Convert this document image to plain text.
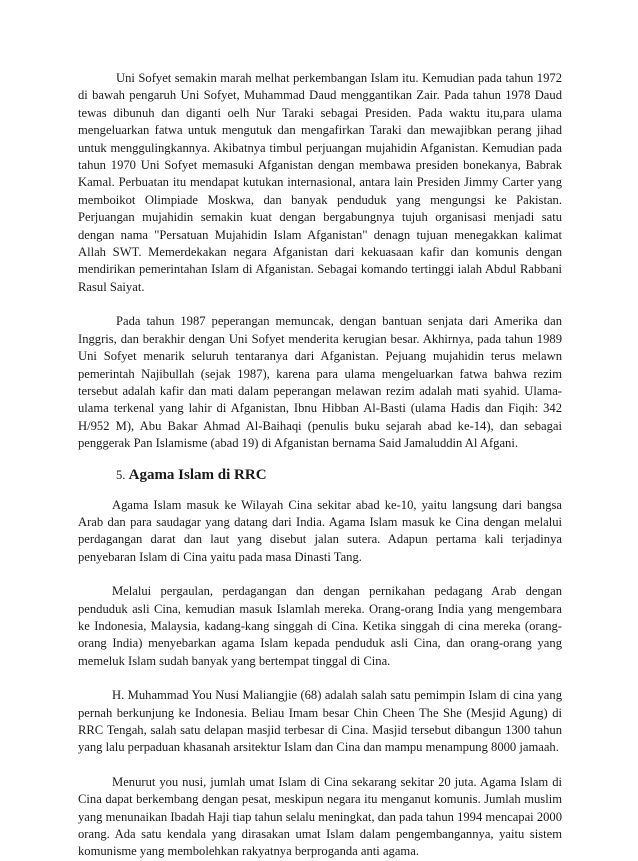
Uni Sofyet semakin marah melhat perkembangan Islam itu. Kemudian pada tahun 1972 di bawah pengaruh Uni Sofyet, Muhammad Daud menggantikan Zair. Pada tahun 1978 Daud tewas dibunuh dan diganti oelh Nur Taraki sebagai Presiden. Pada waktu itu,para ulama mengeluarkan fatwa untuk mengutuk dan mengafirkan Taraki dan mewajibkan perang jihad untuk menggulingkannya. Akibatnya timbul perjuangan mujahidin Afganistan. Kemudian pada tahun 1970 Uni Sofyet memasuki Afganistan dengan membawa presiden bonekanya, Babrak Kamal. Perbuatan itu mendapat kutukan internasional, antara lain Presiden Jimmy Carter yang memboikot Olimpiade Moskwa, dan banyak penduduk yang mengungsi ke Pakistan. Perjuangan mujahidin semakin kuat dengan bergabungnya tujuh organisasi menjadi satu dengan nama "Persatuan Mujahidin Islam Afganistan" denagn tujuan menegakkan kalimat Allah SWT. Memerdekakan negara Afganistan dari kekuasaan kafir dan komunis dengan mendirikan pemerintahan Islam di Afganistan. Sebagai komando tertinggi ialah Abdul Rabbani Rasul Saiyat.

Pada tahun 1987 peperangan memuncak, dengan bantuan senjata dari Amerika dan Inggris, dan berakhir dengan Uni Sofyet menderita kerugian besar. Akhirnya, pada tahun 1989 Uni Sofyet menarik seluruh tentaranya dari Afganistan. Pejuang mujahidin terus melawn pemerintah Najibullah (sejak 1987), karena para ulama mengeluarkan fatwa bahwa rezim tersebut adalah kafir dan mati dalam peperangan melawan rezim adalah mati syahid. Ulama-ulama terkenal yang lahir di Afganistan, Ibnu Hibban Al-Basti (ulama Hadis dan Fiqih: 342 H/952 M), Abu Bakar Ahmad Al-Baihaqi (penulis buku sejarah abad ke-14), dan sebagai penggerak Pan Islamisme (abad 19) di Afganistan bernama Said Jamaluddin Al Afgani.

5. Agama Islam di RRC

Agama Islam masuk ke Wilayah Cina sekitar abad ke-10, yaitu langsung dari bangsa Arab dan para saudagar yang datang dari India. Agama Islam masuk ke Cina dengan melalui perdagangan darat dan laut yang disebut jalan sutera. Adapun pertama kali terjadinya penyebaran Islam di Cina yaitu pada masa Dinasti Tang.

Melalui pergaulan, perdagangan dan dengan pernikahan pedagang Arab dengan penduduk asli Cina, kemudian masuk Islamlah mereka. Orang-orang India yang mengembara ke Indonesia, Malaysia, kadang-kang singgah di Cina. Ketika singgah di cina mereka (orang-orang India) menyebarkan agama Islam kepada penduduk asli Cina, dan orang-orang yang memeluk Islam sudah banyak yang bertempat tinggal di Cina.

H. Muhammad You Nusi Maliangjie (68) adalah salah satu pemimpin Islam di cina yang pernah berkunjung ke Indonesia. Beliau Imam besar Chin Cheen The She (Mesjid Agung) di RRC Tengah, salah satu delapan masjid terbesar di Cina. Masjid tersebut dibangun 1300 tahun yang lalu perpaduan khasanah arsitektur Islam dan Cina dan mampu menampung 8000 jamaah.

Menurut you nusi, jumlah umat Islam di Cina sekarang sekitar 20 juta. Agama Islam di Cina dapat berkembang dengan pesat, meskipun negara itu menganut komunis. Jumlah muslim yang menunaikan Ibadah Haji tiap tahun selalu meningkat, dan pada tahun 1994 mencapai 2000 orang. Ada satu kendala yang dirasakan umat Islam dalam pengembangannya, yaitu sistem komunisme yang membolehkan rakyatnya berproganda anti agama.
